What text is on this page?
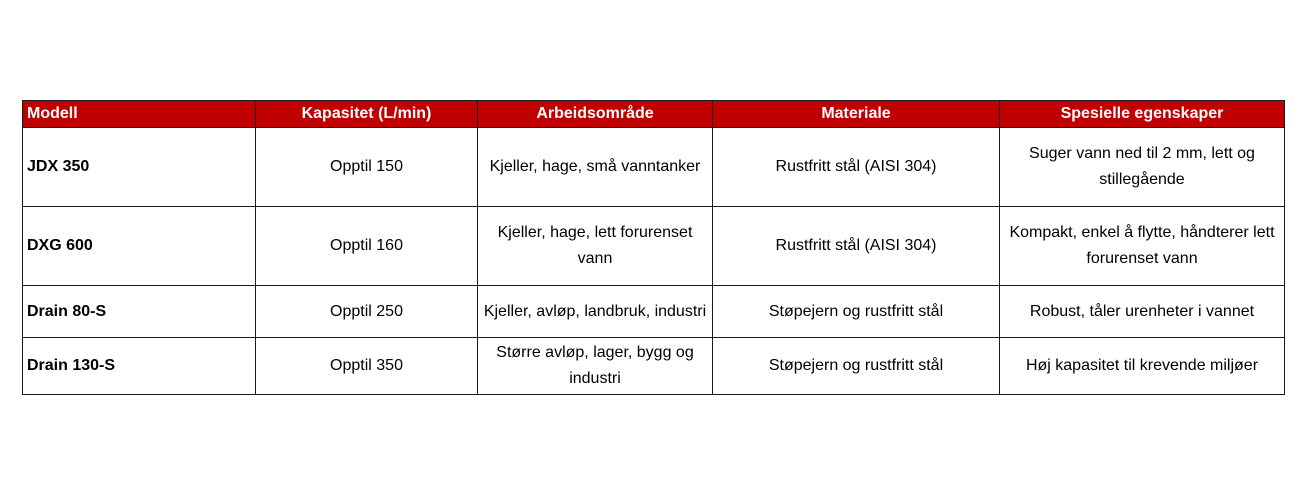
Modell	Kapasitet (L/min)	Arbeidsområde	Materiale	Spesielle egenskaper
JDX 350	Opptil 150	Kjeller, hage, små vanntanker	Rustfritt stål (AISI 304)	Suger vann ned til 2 mm, lett og stillegående
DXG 600	Opptil 160	Kjeller, hage, lett forurenset vann	Rustfritt stål (AISI 304)	Kompakt, enkel å flytte, håndterer lett forurenset vann
Drain 80-S	Opptil 250	Kjeller, avløp, landbruk, industri	Støpejern og rustfritt stål	Robust, tåler urenheter i vannet
Drain 130-S	Opptil 350	Større avløp, lager, bygg og industri	Støpejern og rustfritt stål	Høj kapasitet til krevende miljøer
